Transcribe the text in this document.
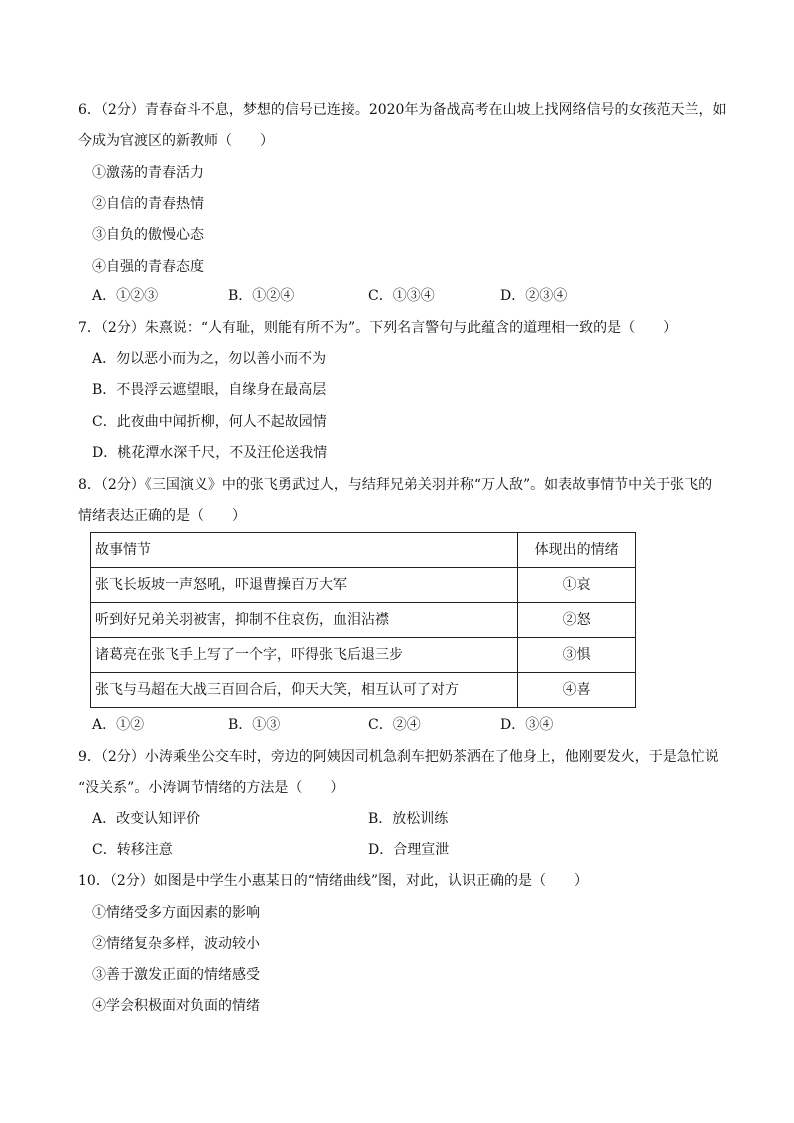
6．（2分）青春奋斗不息，梦想的信号已连接。2020年为备战高考在山坡上找网络信号的女孩范天兰，如
今成为官渡区的新教师（　　）
①激荡的青春活力
②自信的青春热情
③自负的傲慢心态
④自强的青春态度
A．①②③	B．①②④	C．①③④	D．②③④
7．（2分）朱熹说：“人有耻，则能有所不为”。下列名言警句与此蕴含的道理相一致的是（　　）
A．勿以恶小而为之，勿以善小而不为
B．不畏浮云遮望眼，自缘身在最高层
C．此夜曲中闻折柳，何人不起故园情
D．桃花潭水深千尺，不及汪伦送我情
8．（2分）《三国演义》中的张飞勇武过人，与结拜兄弟关羽并称“万人敌”。如表故事情节中关于张飞的
情绪表达正确的是（　　）
故事情节	体现出的情绪
张飞长坂坡一声怒吼，吓退曹操百万大军	①哀
听到好兄弟关羽被害，抑制不住哀伤，血泪沾襟	②怒
诸葛亮在张飞手上写了一个字，吓得张飞后退三步	③惧
张飞与马超在大战三百回合后，仰天大笑，相互认可了对方	④喜
A．①②	B．①③	C．②④	D．③④
9．（2分）小涛乘坐公交车时，旁边的阿姨因司机急刹车把奶茶洒在了他身上，他刚要发火，于是急忙说
“没关系”。小涛调节情绪的方法是（　　）
A．改变认知评价	B．放松训练
C．转移注意	D．合理宣泄
10．（2分）如图是中学生小惠某日的“情绪曲线”图，对此，认识正确的是（　　）
①情绪受多方面因素的影响
②情绪复杂多样，波动较小
③善于激发正面的情绪感受
④学会积极面对负面的情绪
